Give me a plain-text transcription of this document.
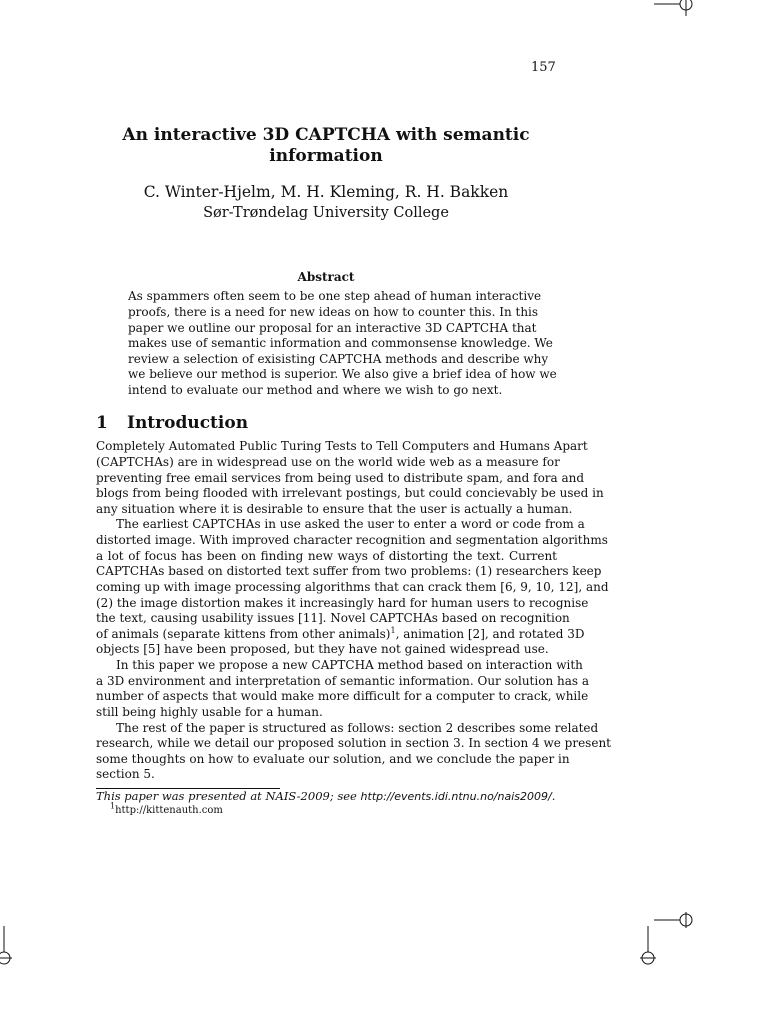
157
An interactive 3D CAPTCHA with semantic
information
C. Winter-Hjelm, M. H. Kleming, R. H. Bakken
Sør-Trøndelag University College
Abstract
As spammers often seem to be one step ahead of human interactive
proofs, there is a need for new ideas on how to counter this. In this
paper we outline our proposal for an interactive 3D CAPTCHA that
makes use of semantic information and commonsense knowledge. We
review a selection of exisisting CAPTCHA methods and describe why
we believe our method is superior. We also give a brief idea of how we
intend to evaluate our method and where we wish to go next.
1 Introduction
Completely Automated Public Turing Tests to Tell Computers and Humans Apart
(CAPTCHAs) are in widespread use on the world wide web as a measure for
preventing free email services from being used to distribute spam, and fora and
blogs from being flooded with irrelevant postings, but could concievably be used in
any situation where it is desirable to ensure that the user is actually a human.
The earliest CAPTCHAs in use asked the user to enter a word or code from a
distorted image. With improved character recognition and segmentation algorithms
a lot of focus has been on finding new ways of distorting the text. Current
CAPTCHAs based on distorted text suffer from two problems: (1) researchers keep
coming up with image processing algorithms that can crack them [6, 9, 10, 12], and
(2) the image distortion makes it increasingly hard for human users to recognise
the text, causing usability issues [11]. Novel CAPTCHAs based on recognition
of animals (separate kittens from other animals)$^1$, animation [2], and rotated 3D
objects [5] have been proposed, but they have not gained widespread use.
In this paper we propose a new CAPTCHA method based on interaction with
a 3D environment and interpretation of semantic information. Our solution has a
number of aspects that would make more difficult for a computer to crack, while
still being highly usable for a human.
The rest of the paper is structured as follows: section 2 describes some related
research, while we detail our proposed solution in section 3. In section 4 we present
some thoughts on how to evaluate our solution, and we conclude the paper in
section 5.
This paper was presented at NAIS-2009; see http://events.idi.ntnu.no/nais2009/.
$^1$http://kittenauth.com
